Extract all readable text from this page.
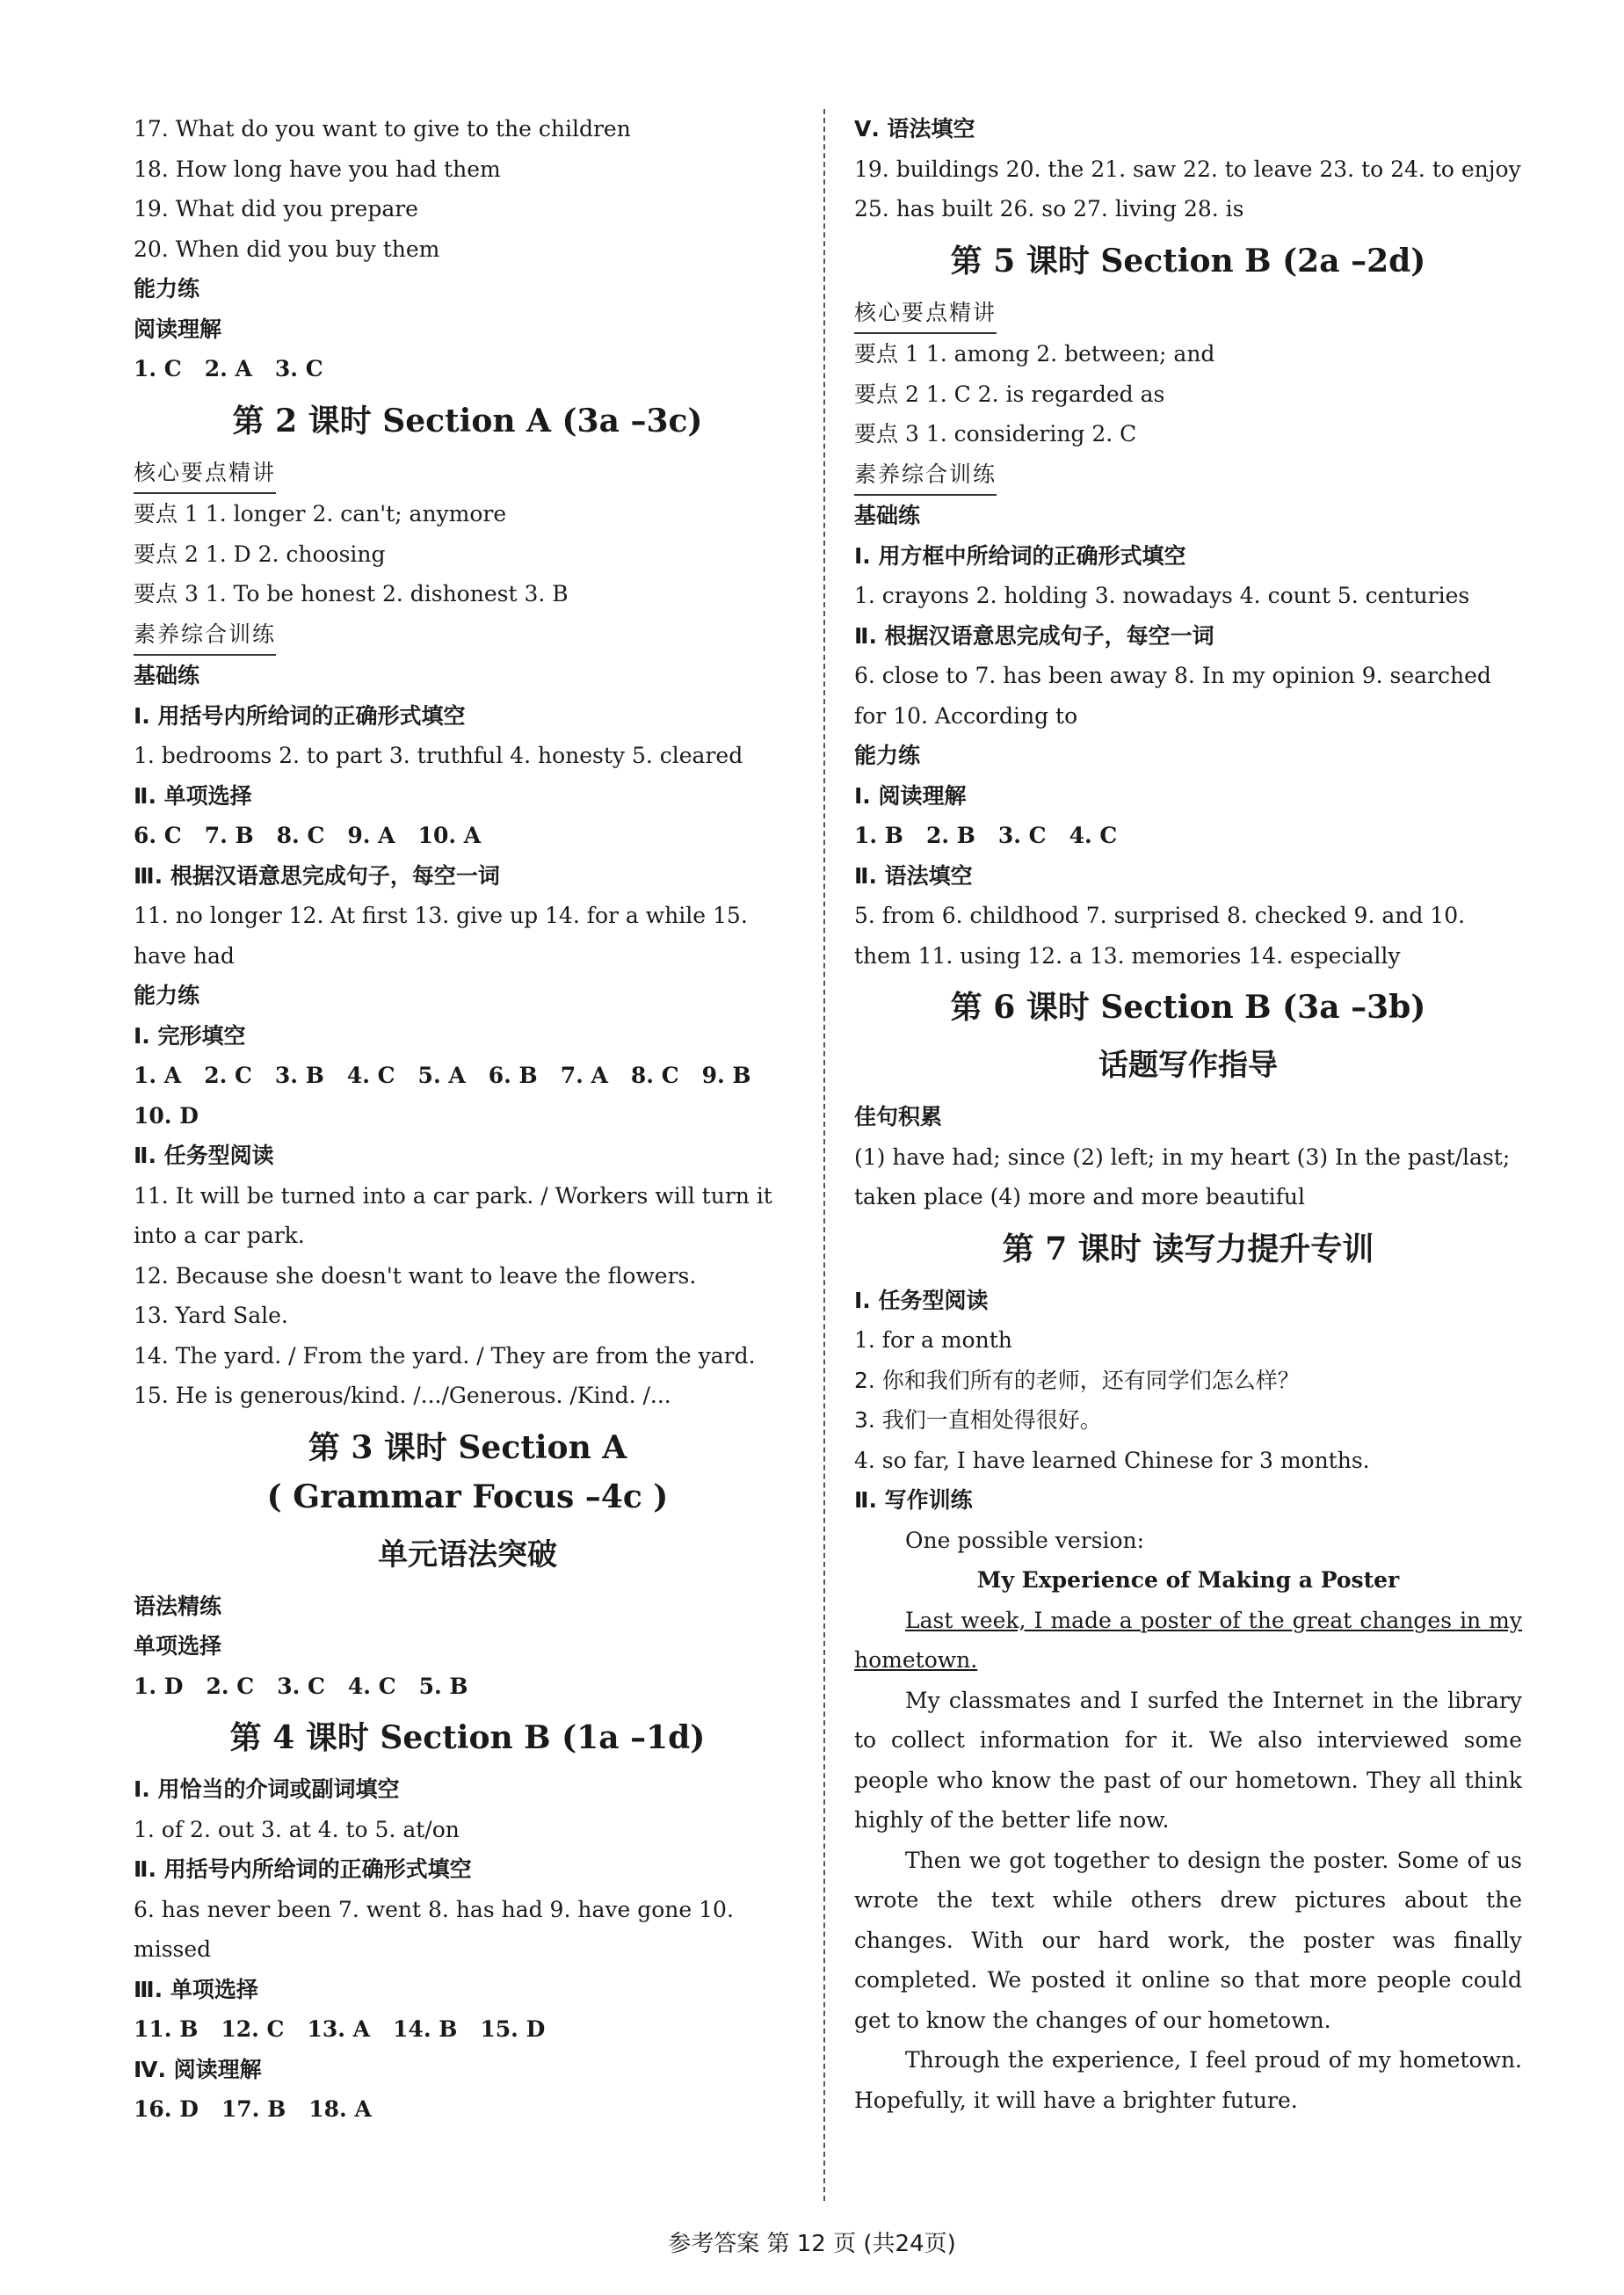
17. What do you want to give to the children
18. How long have you had them
19. What did you prepare
20. When did you buy them
能力练
阅读理解
1. C 2. A 3. C
第 2 课时 Section A (3a –3c)
核心要点精讲
要点 1 1. longer 2. can't; anymore
要点 2 1. D 2. choosing
要点 3 1. To be honest 2. dishonest 3. B
素养综合训练
基础练
Ⅰ. 用括号内所给词的正确形式填空
1. bedrooms 2. to part 3. truthful 4. honesty 5. cleared
Ⅱ. 单项选择
6. C 7. B 8. C 9. A 10. A
Ⅲ. 根据汉语意思完成句子，每空一词
11. no longer 12. At first 13. give up 14. for a while 15. have had
能力练
Ⅰ. 完形填空
1. A 2. C 3. B 4. C 5. A 6. B 7. A 8. C 9. B10. D
Ⅱ. 任务型阅读
11. It will be turned into a car park. / Workers will turn it into a car park.
12. Because she doesn't want to leave the flowers.
13. Yard Sale.
14. The yard. / From the yard. / They are from the yard.
15. He is generous/kind. /.../Generous. /Kind. /...
第 3 课时 Section A
( Grammar Focus –4c )
单元语法突破
语法精练
单项选择
1. D 2. C 3. C 4. C 5. B
第 4 课时 Section B (1a –1d)
Ⅰ. 用恰当的介词或副词填空
1. of 2. out 3. at 4. to 5. at/on
Ⅱ. 用括号内所给词的正确形式填空
6. has never been 7. went 8. has had 9. have gone 10. missed
Ⅲ. 单项选择
11. B 12. C 13. A 14. B 15. D
Ⅳ. 阅读理解
16. D 17. B 18. A
Ⅴ. 语法填空
19. buildings 20. the 21. saw 22. to leave 23. to 24. to enjoy 25. has built 26. so 27. living 28. is
第 5 课时 Section B (2a –2d)
核心要点精讲
要点 1 1. among 2. between; and
要点 2 1. C 2. is regarded as
要点 3 1. considering 2. C
素养综合训练
基础练
Ⅰ. 用方框中所给词的正确形式填空
1. crayons 2. holding 3. nowadays 4. count 5. centuries
Ⅱ. 根据汉语意思完成句子，每空一词
6. close to 7. has been away 8. In my opinion 9. searched for 10. According to
能力练
Ⅰ. 阅读理解
1. B 2. B 3. C 4. C
Ⅱ. 语法填空
5. from 6. childhood 7. surprised 8. checked 9. and 10. them 11. using 12. a 13. memories 14. especially
第 6 课时 Section B (3a –3b)
话题写作指导
佳句积累
(1) have had; since (2) left; in my heart (3) In the past/last; taken place (4) more and more beautiful
第 7 课时 读写力提升专训
Ⅰ. 任务型阅读
1. for a month
2. 你和我们所有的老师，还有同学们怎么样？
3. 我们一直相处得很好。
4. so far, I have learned Chinese for 3 months.
Ⅱ. 写作训练
One possible version:
My Experience of Making a Poster
Last week, I made a poster of the great changes in my hometown.
My classmates and I surfed the Internet in the library to collect information for it. We also interviewed some people who know the past of our hometown. They all think highly of the better life now.
Then we got together to design the poster. Some of us wrote the text while others drew pictures about the changes. With our hard work, the poster was finally completed. We posted it online so that more people could get to know the changes of our hometown.
Through the experience, I feel proud of my hometown. Hopefully, it will have a brighter future.
参考答案 第 12 页 (共24页)
